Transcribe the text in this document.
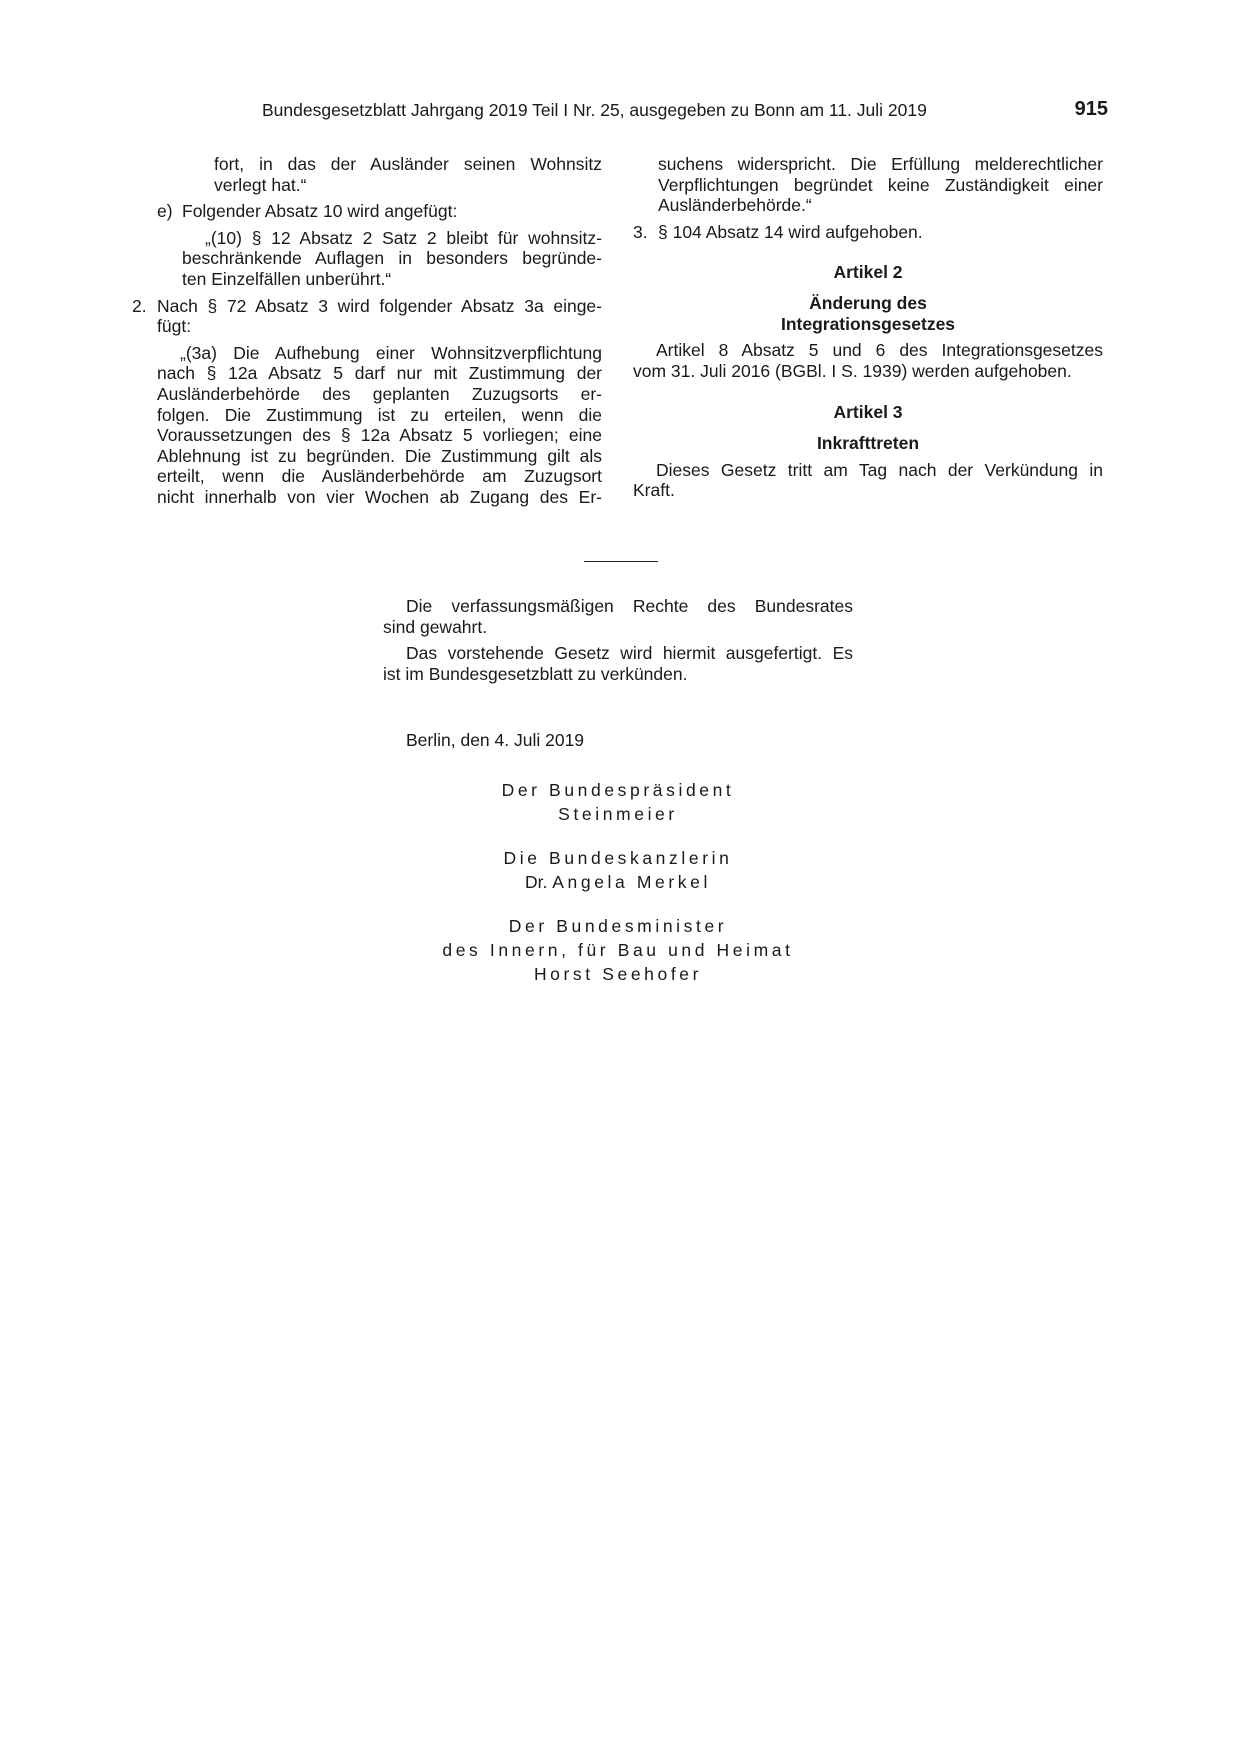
Bundesgesetzblatt Jahrgang 2019 Teil I Nr. 25, ausgegeben zu Bonn am 11. Juli 2019	915

fort, in das der Ausländer seinen Wohnsitz

verlegt hat.“

e) Folgender Absatz 10 wird angefügt:

„(10) § 12 Absatz 2 Satz 2 bleibt für wohnsitz-

beschränkende Auflagen in besonders begründe-

ten Einzelfällen unberührt.“

2. Nach § 72 Absatz 3 wird folgender Absatz 3a einge-

fügt:

„(3a) Die Aufhebung einer Wohnsitzverpflichtung

nach § 12a Absatz 5 darf nur mit Zustimmung der

Ausländerbehörde des geplanten Zuzugsorts er-

folgen. Die Zustimmung ist zu erteilen, wenn die

Voraussetzungen des § 12a Absatz 5 vorliegen; eine

Ablehnung ist zu begründen. Die Zustimmung gilt als

erteilt, wenn die Ausländerbehörde am Zuzugsort

nicht innerhalb von vier Wochen ab Zugang des Er-

suchens widerspricht. Die Erfüllung melderechtlicher

Verpflichtungen begründet keine Zuständigkeit einer

Ausländerbehörde.“

3. § 104 Absatz 14 wird aufgehoben.

Artikel 2

Änderung des

Integrationsgesetzes

Artikel 8 Absatz 5 und 6 des Integrationsgesetzes

vom 31. Juli 2016 (BGBl. I S. 1939) werden aufgehoben.

Artikel 3

Inkrafttreten

Dieses Gesetz tritt am Tag nach der Verkündung in

Kraft.

Die verfassungsmäßigen Rechte des Bundesrates

sind gewahrt.

Das vorstehende Gesetz wird hiermit ausgefertigt. Es

ist im Bundesgesetzblatt zu verkünden.

Berlin, den 4. Juli 2019

Der Bundespräsident

Steinmeier

Die Bundeskanzlerin

Dr. Angela Merkel

Der Bundesminister

des Innern, für Bau und Heimat

Horst Seehofer
